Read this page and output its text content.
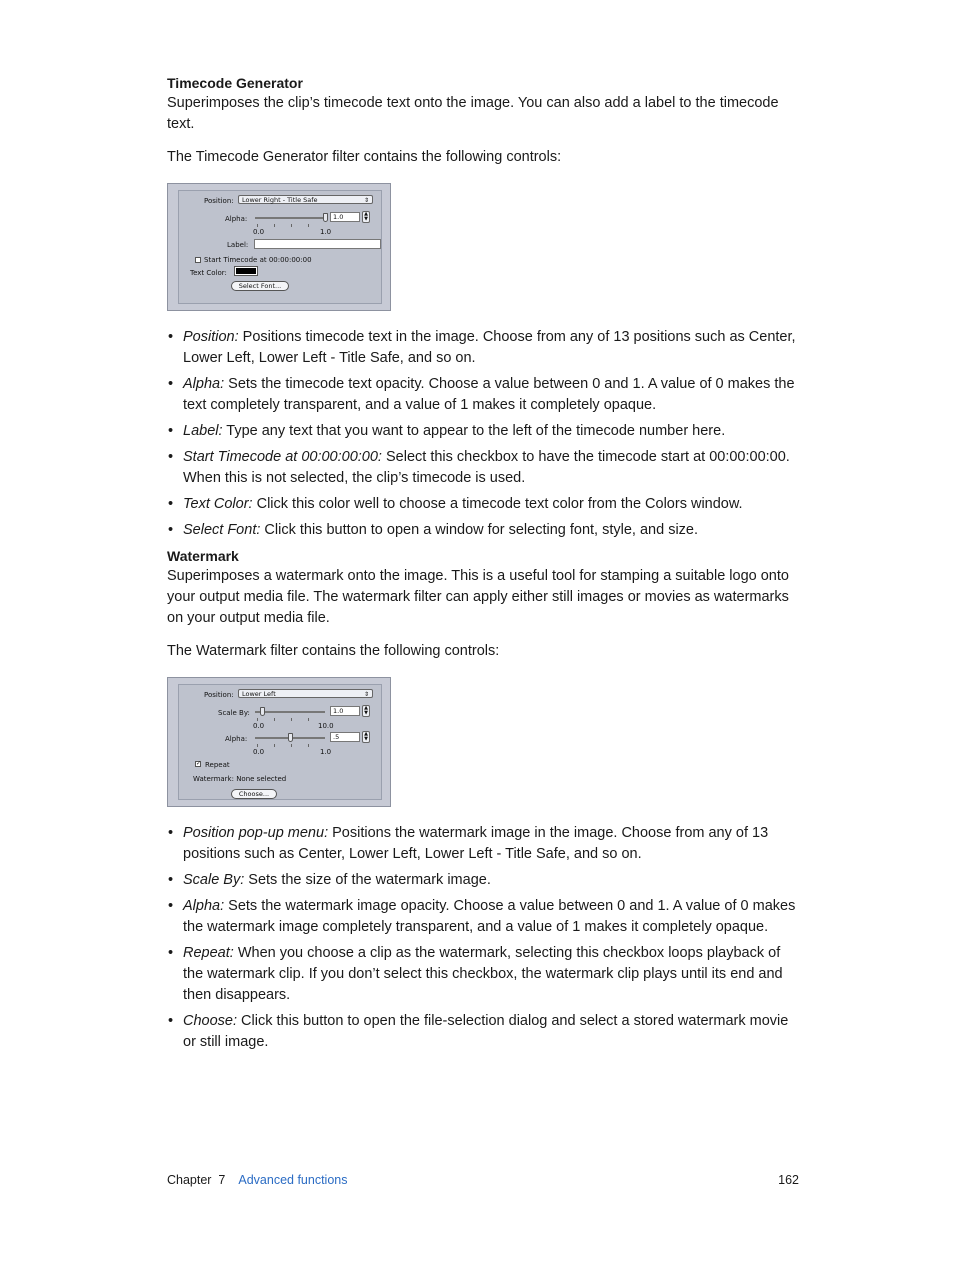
Timecode Generator

Superimposes the clip’s timecode text onto the image. You can also add a label to the timecode text.

The Timecode Generator filter contains the following controls:

Position:	Lower Right - Title Safe	⇕
Alpha:
0.0	1.0
1.0	▲
▼
Label:
Start Timecode at 00:00:00:00
Text Color:
Select Font...
• Position: Positions timecode text in the image. Choose from any of 13 positions such as Center, Lower Left, Lower Left - Title Safe, and so on.
• Alpha: Sets the timecode text opacity. Choose a value between 0 and 1. A value of 0 makes the text completely transparent, and a value of 1 makes it completely opaque.
• Label: Type any text that you want to appear to the left of the timecode number here.
• Start Timecode at 00:00:00:00: Select this checkbox to have the timecode start at 00:00:00:00. When this is not selected, the clip’s timecode is used.
• Text Color: Click this color well to choose a timecode text color from the Colors window.
• Select Font: Click this button to open a window for selecting font, style, and size.

Watermark

Superimposes a watermark onto the image. This is a useful tool for stamping a suitable logo onto your output media file. The watermark filter can apply either still images or movies as watermarks on your output media file.

The Watermark filter contains the following controls:

Position:	Lower Left	⇕
Scale By:
0.0	10.0
1.0	▲
▼
Alpha:
0.0	1.0
.5	▲
▼
✓ Repeat
Watermark: None selected
Choose...
• Position pop-up menu: Positions the watermark image in the image. Choose from any of 13 positions such as Center, Lower Left, Lower Left - Title Safe, and so on.
• Scale By: Sets the size of the watermark image.
• Alpha: Sets the watermark image opacity. Choose a value between 0 and 1. A value of 0 makes the watermark image completely transparent, and a value of 1 makes it completely opaque.
• Repeat: When you choose a clip as the watermark, selecting this checkbox loops playback of the watermark clip. If you don’t select this checkbox, the watermark clip plays until its end and then disappears.
• Choose: Click this button to open the file-selection dialog and select a stored watermark movie or still image.
Chapter  7 Advanced functions	162
